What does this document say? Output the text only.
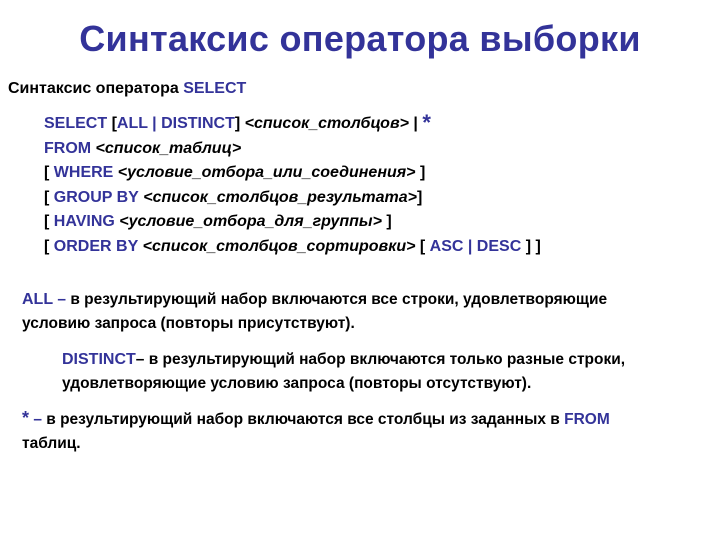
Синтаксис оператора выборки
Синтаксис оператора SELECT
SELECT [ALL | DISTINCT] <список_столбцов> | *
FROM <список_таблиц>
[ WHERE <условие_отбора_или_соединения> ]
[ GROUP BY <список_столбцов_результата>]
[ HAVING <условие_отбора_для_группы> ]
[ ORDER BY <список_столбцов_сортировки> [ ASC | DESC ] ]
ALL – в результирующий набор включаются все строки, удовлетворяющие условию запроса (повторы присутствуют).
DISTINCT– в результирующий набор включаются только разные строки, удовлетворяющие условию запроса (повторы отсутствуют).
* – в результирующий набор включаются все столбцы из заданных в FROM таблиц.
